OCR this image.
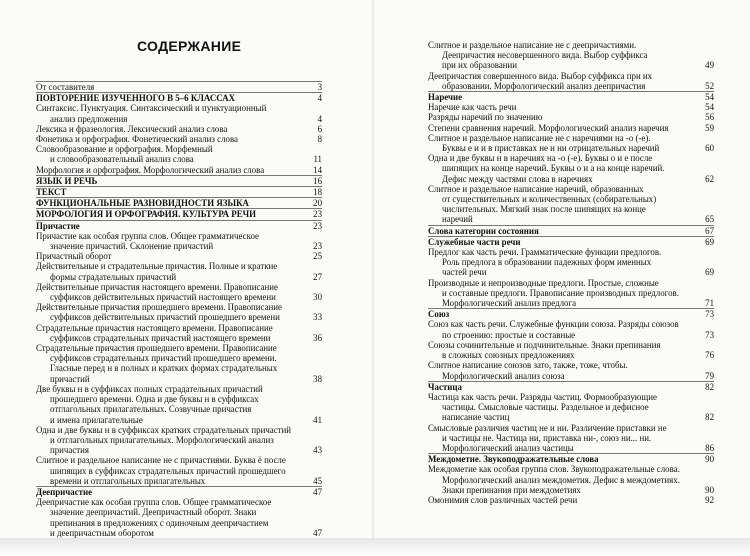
СОДЕРЖАНИЕ
От составителя	3
ПОВТОРЕНИЕ ИЗУЧЕННОГО В 5–6 КЛАССАХ	4
Синтаксис. Пунктуация. Синтаксический и пунктуационный
анализ предложения	4
Лексика и фразеология. Лексический анализ слова	6
Фонетика и орфография. Фонетический анализ слова	8
Словообразование и орфография. Морфемный
и словообразовательный анализ слова	11
Морфология и орфография. Морфологический анализ слова	14
ЯЗЫК И РЕЧЬ	16
ТЕКСТ	18
ФУНКЦИОНАЛЬНЫЕ РАЗНОВИДНОСТИ ЯЗЫКА	20
МОРФОЛОГИЯ И ОРФОГРАФИЯ. КУЛЬТУРА РЕЧИ	23
Причастие	23
Причастие как особая группа слов. Общее грамматическое
значение причастий. Склонение причастий	23
Причастный оборот	25
Действительные и страдательные причастия. Полные и краткие
формы страдательных причастий	27
Действительные причастия настоящего времени. Правописание
суффиксов действительных причастий настоящего времени	30
Действительные причастия прошедшего времени. Правописание
суффиксов действительных причастий прошедшего времени	33
Страдательные причастия настоящего времени. Правописание
суффиксов страдательных причастий настоящего времени	36
Страдательные причастия прошедшего времени. Правописание
суффиксов страдательных причастий прошедшего времени.
Гласные перед н в полных и кратких формах страдательных
причастий	38
Две буквы н в суффиксах полных страдательных причастий
прошедшего времени. Одна и две буквы н в суффиксах
отглагольных прилагательных. Созвучные причастия
и имена прилагательные	41
Одна и две буквы н в суффиксах кратких страдательных причастий
и отглагольных прилагательных. Морфологический анализ
причастия	43
Слитное и раздельное написание не с причастиями. Буква ё после
шипящих в суффиксах страдательных причастий прошедшего
времени и отглагольных прилагательных	45
Деепричастие	47
Деепричастие как особая группа слов. Общее грамматическое
значение деепричастий. Деепричастный оборот. Знаки
препинания в предложениях с одиночным деепричастием
и деепричастным оборотом	47
Слитное и раздельное написание не с деепричастиями.
Деепричастия несовершенного вида. Выбор суффикса
при их образовании	49
Деепричастия совершенного вида. Выбор суффикса при их
образовании. Морфологический анализ деепричастия	52
Наречие	54
Наречие как часть речи	54
Разряды наречий по значению	56
Степени сравнения наречий. Морфологический анализ наречия	59
Слитное и раздельное написание не с наречиями на -о (-е).
Буквы е и и в приставках не и ни отрицательных наречий	60
Одна и две буквы н в наречиях на -о (-е). Буквы о и е после
шипящих на конце наречий. Буквы о и а на конце наречий.
Дефис между частями слова в наречиях	62
Слитное и раздельное написание наречий, образованных
от существительных и количественных (собирательных)
числительных. Мягкий знак после шипящих на конце
наречий	65
Слова категории состояния	67
Служебные части речи	69
Предлог как часть речи. Грамматические функции предлогов.
Роль предлога в образовании падежных форм именных
частей речи	69
Производные и непроизводные предлоги. Простые, сложные
и составные предлоги. Правописание производных предлогов.
Морфологический анализ предлога	71
Союз	73
Союз как часть речи. Служебные функции союза. Разряды союзов
по строению: простые и составные	73
Союзы сочинительные и подчинительные. Знаки препинания
в сложных союзных предложениях	76
Слитное написание союзов зато, также, тоже, чтобы.
Морфологический анализ союза	79
Частица	82
Частица как часть речи. Разряды частиц. Формообразующие
частицы. Смысловые частицы. Раздельное и дефисное
написание частиц	82
Смысловые различия частиц не и ни. Различение приставки не
и частицы не. Частица ни, приставка ни-, союз ни... ни.
Морфологический анализ частицы	86
Междометие. Звукоподражательные слова	90
Междометие как особая группа слов. Звукоподражательные слова.
Морфологический анализ междометия. Дефис в междометиях.
Знаки препинания при междометиях	90
Омонимия слов различных частей речи	92
